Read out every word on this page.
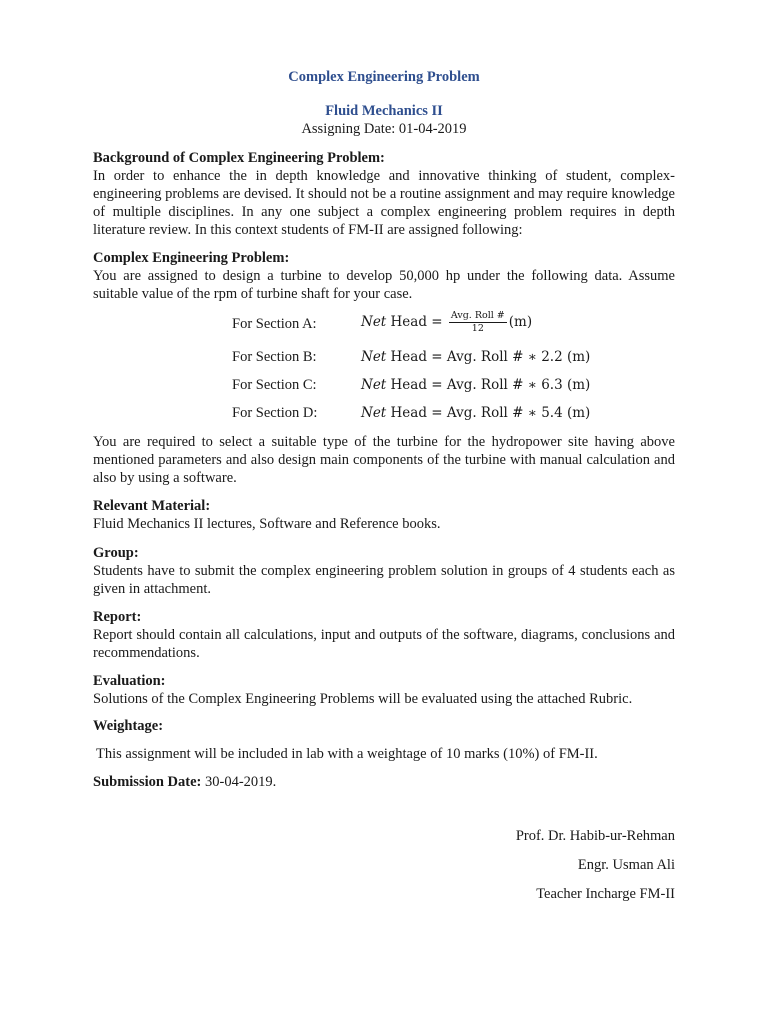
Complex Engineering Problem
Fluid Mechanics II
Assigning Date: 01-04-2019
Background of Complex Engineering Problem:
In order to enhance the in depth knowledge and innovative thinking of student, complex-engineering problems are devised. It should not be a routine assignment and may require knowledge of multiple disciplines. In any one subject a complex engineering problem requires in depth literature review. In this context students of FM-II are assigned following:
Complex Engineering Problem:
You are assigned to design a turbine to develop 50,000 hp under the following data. Assume suitable value of the rpm of turbine shaft for your case.
For Section A:	Net Head = $\frac{\text{Avg. Roll \#}}{12} (m)$
For Section B:	Net Head = Avg. Roll # ∗ 2.2 (m)
For Section C:	Net Head = Avg. Roll # ∗ 6.3 (m)
For Section D:	Net Head = Avg. Roll # ∗ 5.4 (m)
You are required to select a suitable type of the turbine for the hydropower site having above mentioned parameters and also design main components of the turbine with manual calculation and also by using a software.
Relevant Material:
Fluid Mechanics II lectures, Software and Reference books.
Group:
Students have to submit the complex engineering problem solution in groups of 4 students each as given in attachment.
Report:
Report should contain all calculations, input and outputs of the software, diagrams, conclusions and recommendations.
Evaluation:
Solutions of the Complex Engineering Problems will be evaluated using the attached Rubric.
Weightage:
This assignment will be included in lab with a weightage of 10 marks (10%) of FM-II.
Submission Date: 30-04-2019.
Prof. Dr. Habib-ur-Rehman
Engr. Usman Ali
Teacher Incharge FM-II
